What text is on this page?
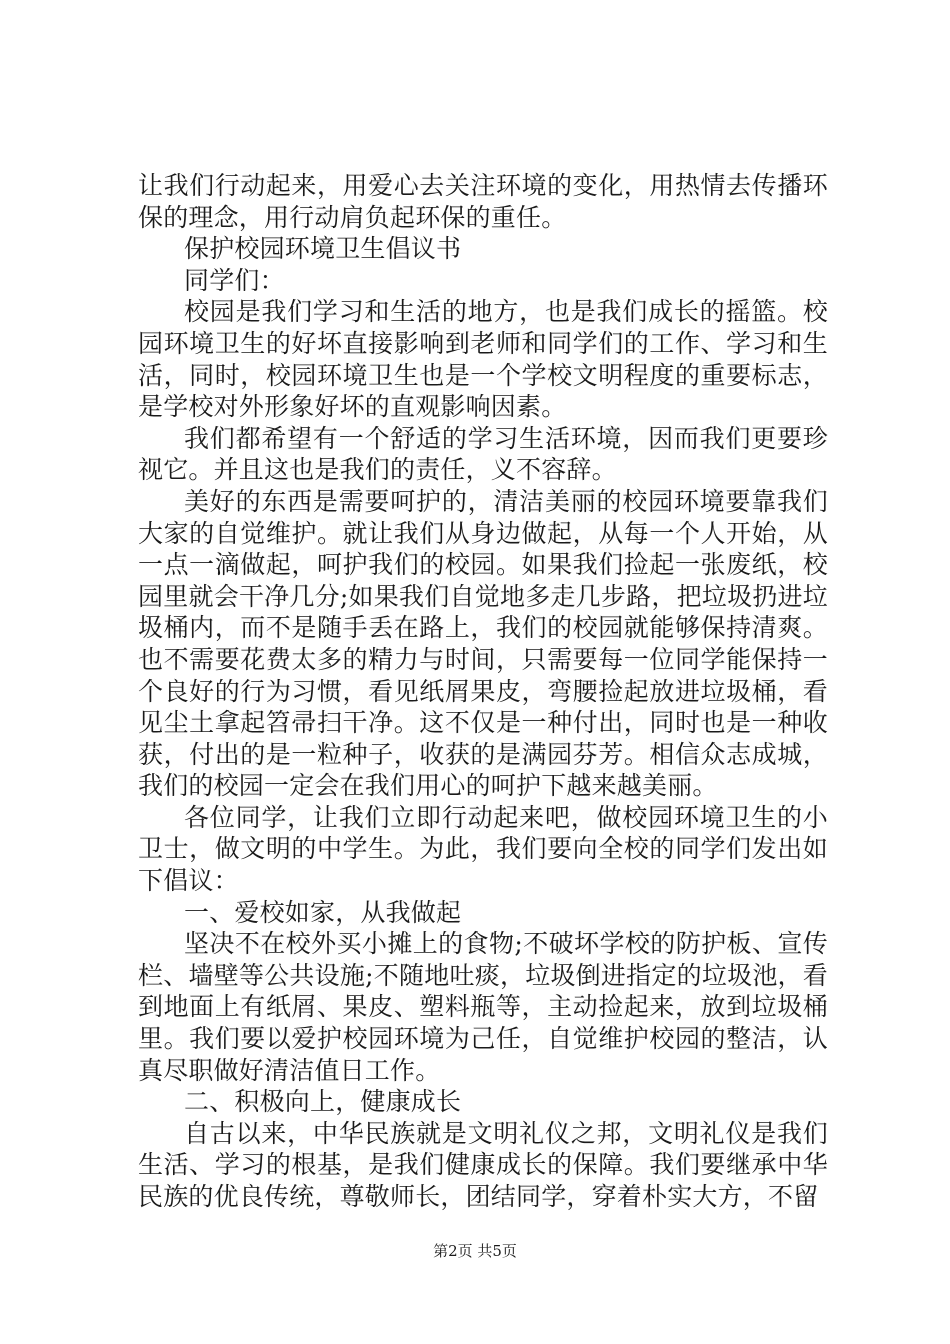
让我们行动起来，用爱心去关注环境的变化，用热情去传播环保的理念，用行动肩负起环保的重任。

保护校园环境卫生倡议书

同学们：

校园是我们学习和生活的地方，也是我们成长的摇篮。校园环境卫生的好坏直接影响到老师和同学们的工作、学习和生活，同时，校园环境卫生也是一个学校文明程度的重要标志，是学校对外形象好坏的直观影响因素。

我们都希望有一个舒适的学习生活环境，因而我们更要珍视它。并且这也是我们的责任，义不容辞。

美好的东西是需要呵护的，清洁美丽的校园环境要靠我们大家的自觉维护。就让我们从身边做起，从每一个人开始，从一点一滴做起，呵护我们的校园。如果我们捡起一张废纸，校园里就会干净几分;如果我们自觉地多走几步路，把垃圾扔进垃圾桶内，而不是随手丢在路上，我们的校园就能够保持清爽。也不需要花费太多的精力与时间，只需要每一位同学能保持一个良好的行为习惯，看见纸屑果皮，弯腰捡起放进垃圾桶，看见尘土拿起笤帚扫干净。这不仅是一种付出，同时也是一种收获，付出的是一粒种子，收获的是满园芬芳。相信众志成城，我们的校园一定会在我们用心的呵护下越来越美丽。

各位同学，让我们立即行动起来吧，做校园环境卫生的小卫士，做文明的中学生。为此，我们要向全校的同学们发出如下倡议：

一、爱校如家，从我做起

坚决不在校外买小摊上的食物;不破坏学校的防护板、宣传栏、墙壁等公共设施;不随地吐痰，垃圾倒进指定的垃圾池，看到地面上有纸屑、果皮、塑料瓶等，主动捡起来，放到垃圾桶里。我们要以爱护校园环境为己任，自觉维护校园的整洁，认真尽职做好清洁值日工作。

二、积极向上，健康成长

自古以来，中华民族就是文明礼仪之邦，文明礼仪是我们生活、学习的根基，是我们健康成长的保障。我们要继承中华民族的优良传统，尊敬师长，团结同学，穿着朴实大方，不留

第2页 共5页
